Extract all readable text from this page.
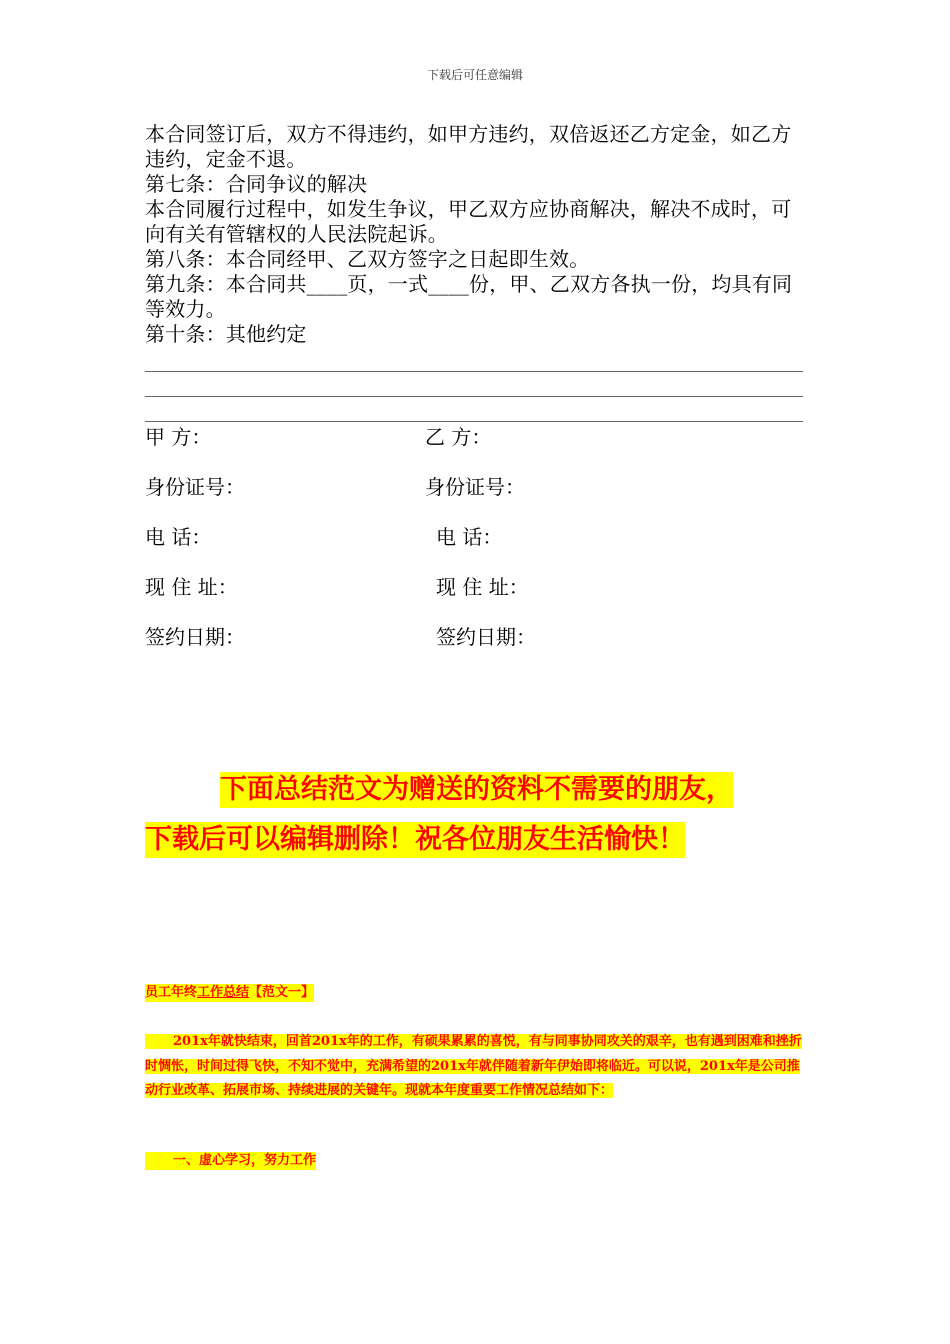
下载后可任意编辑

本合同签订后，双方不得违约，如甲方违约，双倍返还乙方定金，如乙方违约，定金不退。

第七条：合同争议的解决

本合同履行过程中，如发生争议，甲乙双方应协商解决，解决不成时，可向有关有管辖权的人民法院起诉。

第八条：本合同经甲、乙双方签字之日起即生效。

第九条：本合同共____页，一式____份，甲、乙双方各执一份，均具有同等效力。

第十条：其他约定

甲 方：	乙 方：
身份证号：	身份证号：
电 话：	电 话：
现 住 址：	现 住 址：
签约日期：	签约日期：
下面总结范文为赠送的资料不需要的朋友，
下载后可以编辑删除！祝各位朋友生活愉快！
员工年终工作总结【范文一】
201x年就快结束，回首201x年的工作，有硕果累累的喜悦，有与同事协同攻关的艰辛，也有遇到困难和挫折时惆怅，时间过得飞快，不知不觉中，充满希望的201x年就伴随着新年伊始即将临近。可以说，201x年是公司推动行业改革、拓展市场、持续进展的关键年。现就本年度重要工作情况总结如下：
一、虚心学习，努力工作
